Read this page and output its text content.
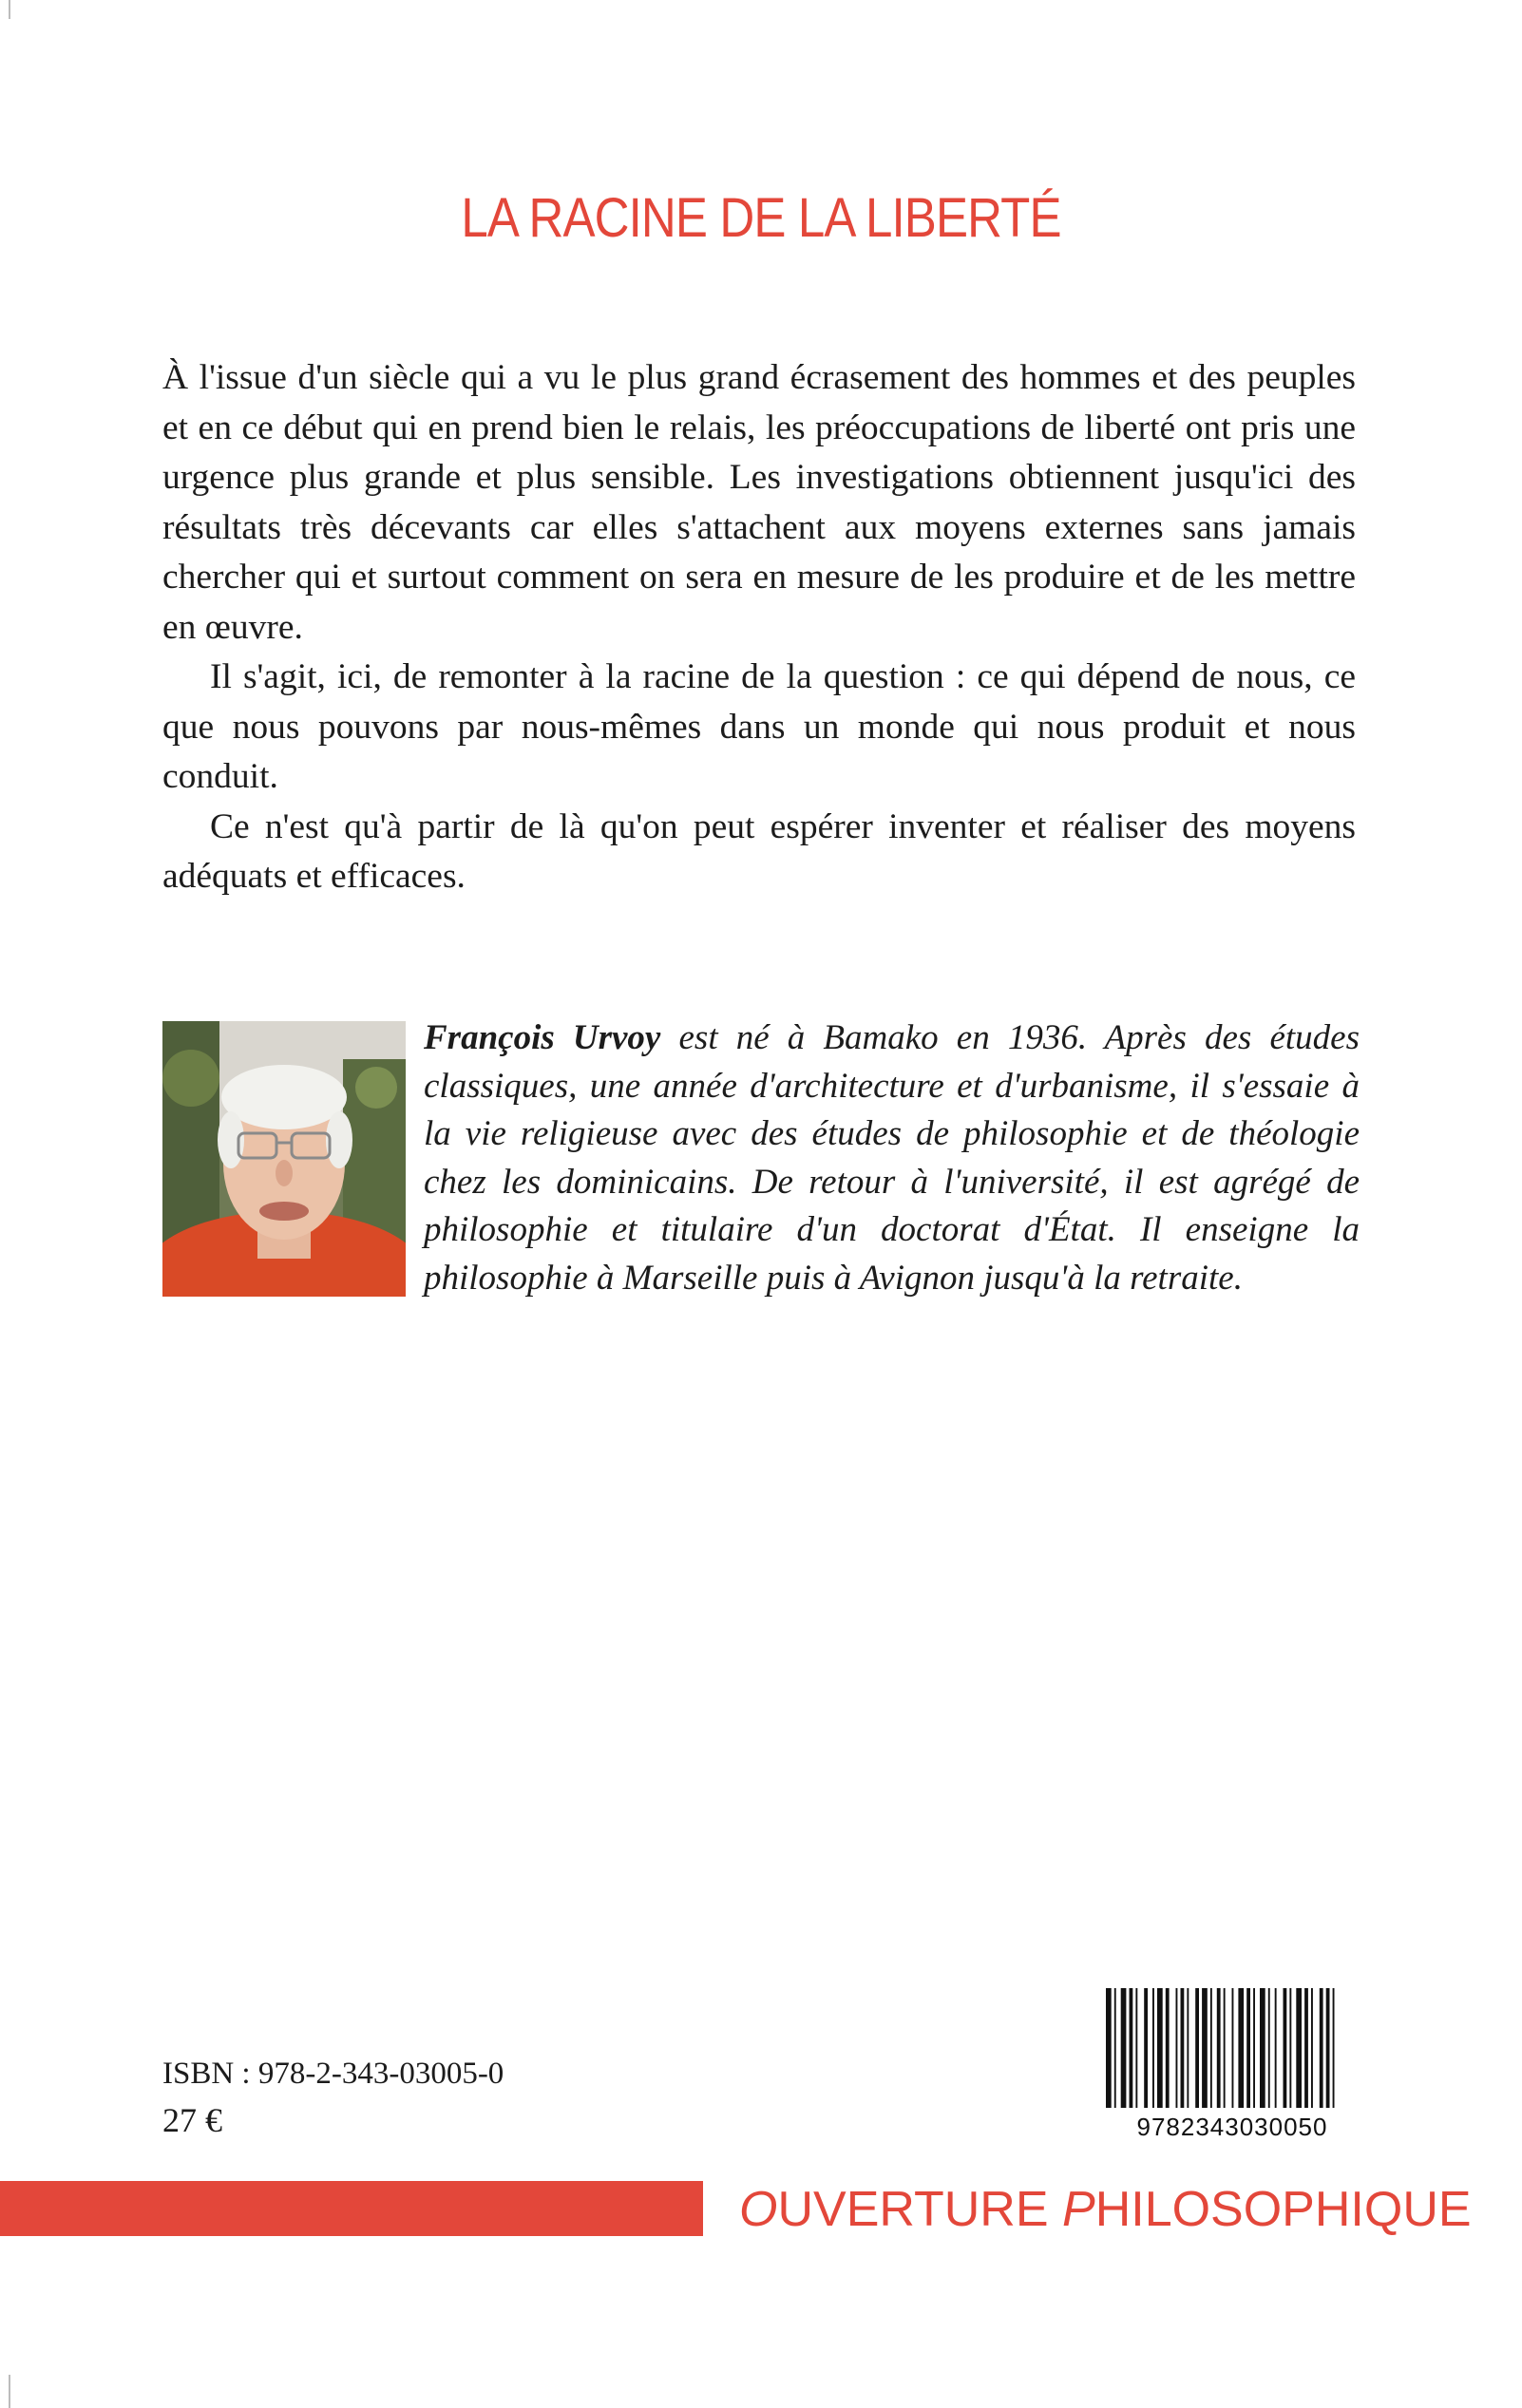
LA RACINE DE LA LIBERTÉ

À l'issue d'un siècle qui a vu le plus grand écrasement des hommes et des peuples et en ce début qui en prend bien le relais, les préoccupations de liberté ont pris une urgence plus grande et plus sensible. Les investigations obtiennent jusqu'ici des résultats très décevants car elles s'attachent aux moyens externes sans jamais chercher qui et surtout comment on sera en mesure de les produire et de les mettre en œuvre.

Il s'agit, ici, de remonter à la racine de la question : ce qui dépend de nous, ce que nous pouvons par nous-mêmes dans un monde qui nous produit et nous conduit.

Ce n'est qu'à partir de là qu'on peut espérer inventer et réaliser des moyens adéquats et efficaces.

François Urvoy est né à Bamako en 1936. Après des études classiques, une année d'architecture et d'urbanisme, il s'essaie à la vie religieuse avec des études de philosophie et de théologie chez les dominicains. De retour à l'université, il est agrégé de philosophie et titulaire d'un doctorat d'État. Il enseigne la philosophie à Marseille puis à Avignon jusqu'à la retraite.
ISBN : 978-2-343-03005-0
27 €	9782343030050
OUVERTURE PHILOSOPHIQUE
